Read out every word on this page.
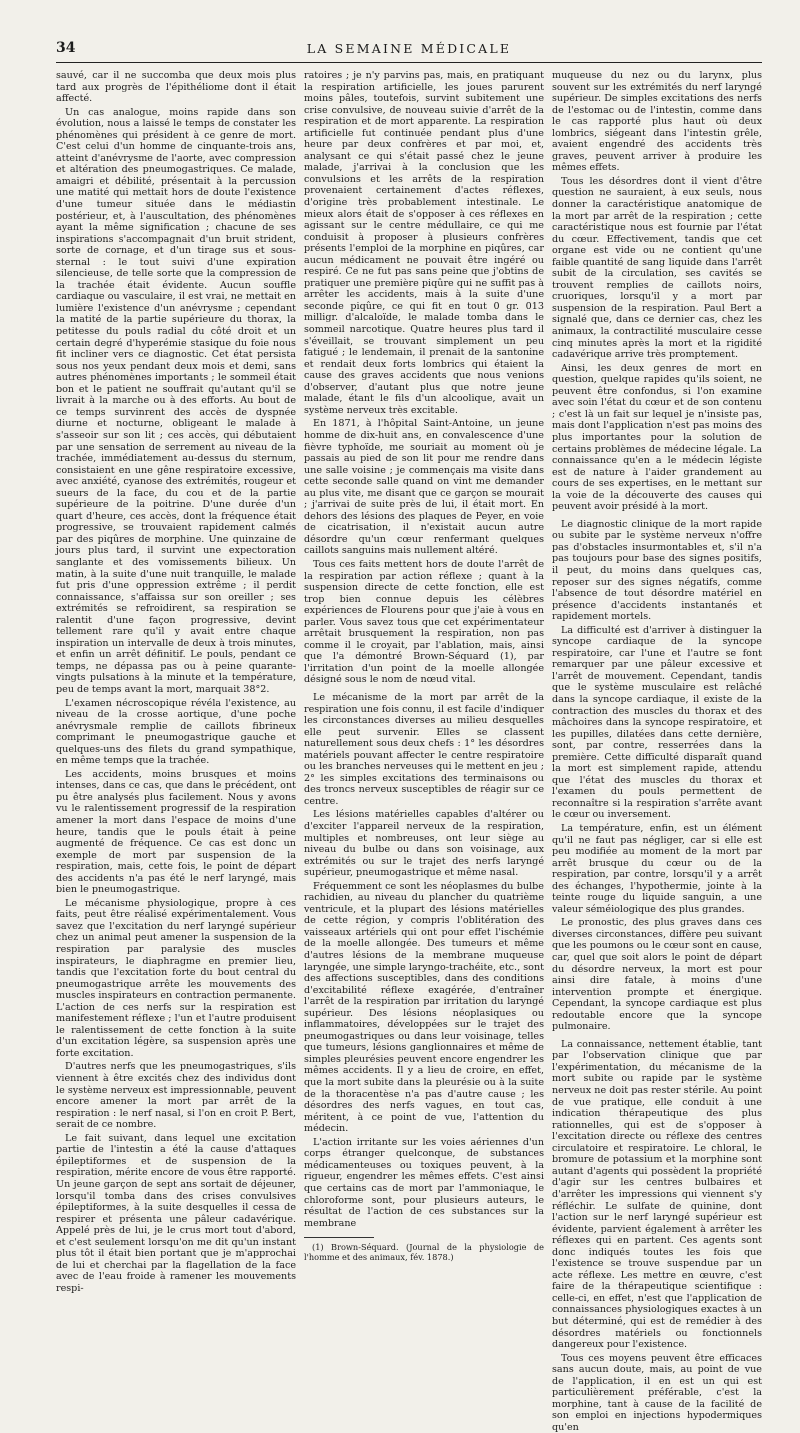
34	LA SEMAINE MÉDICALE

sauvé, car il ne succomba que deux mois plus tard aux progrès de l'épithéliome dont il était affecté.

Un cas analogue, moins rapide dans son évolution, nous a laissé le temps de constater les phénomènes qui président à ce genre de mort. C'est celui d'un homme de cinquante-trois ans, atteint d'anévrysme de l'aorte, avec compression et altération des pneumogastriques. Ce malade, amaigri et débilité, présentait à la percussion une matité qui mettait hors de doute l'existence d'une tumeur située dans le médiastin postérieur, et, à l'auscultation, des phénomènes ayant la même signification ; chacune de ses inspirations s'accompagnait d'un bruit strident, sorte de cornage, et d'un tirage sus et sous-sternal : le tout suivi d'une expiration silencieuse, de telle sorte que la compression de la trachée était évidente. Aucun souffle cardiaque ou vasculaire, il est vrai, ne mettait en lumière l'existence d'un anévrysme ; cependant la matité de la partie supérieure du thorax, la petitesse du pouls radial du côté droit et un certain degré d'hyperémie stasique du foie nous fit incliner vers ce diagnostic. Cet état persista sous nos yeux pendant deux mois et demi, sans autres phénomènes importants ; le sommeil était bon et le patient ne souffrait qu'autant qu'il se livrait à la marche ou à des efforts. Au bout de ce temps survinrent des accès de dyspnée diurne et nocturne, obligeant le malade à s'asseoir sur son lit ; ces accès, qui débutaient par une sensation de serrement au niveau de la trachée, immédiatement au-dessus du sternum, consistaient en une gêne respiratoire excessive, avec anxiété, cyanose des extrémités, rougeur et sueurs de la face, du cou et de la partie supérieure de la poitrine. D'une durée d'un quart d'heure, ces accès, dont la fréquence était progressive, se trouvaient rapidement calmés par des piqûres de morphine. Une quinzaine de jours plus tard, il survint une expectoration sanglante et des vomissements bilieux. Un matin, à la suite d'une nuit tranquille, le malade fut pris d'une oppression extrême ; il perdit connaissance, s'affaissa sur son oreiller ; ses extrémités se refroidirent, sa respiration se ralentit d'une façon progressive, devint tellement rare qu'il y avait entre chaque inspiration un intervalle de deux à trois minutes, et enfin un arrêt définitif. Le pouls, pendant ce temps, ne dépassa pas ou à peine quarante-vingts pulsations à la minute et la température, peu de temps avant la mort, marquait 38°2.

L'examen nécroscopique révéla l'existence, au niveau de la crosse aortique, d'une poche anévrysmale remplie de caillots fibrineux comprimant le pneumogastrique gauche et quelques-uns des filets du grand sympathique, en même temps que la trachée.

Les accidents, moins brusques et moins intenses, dans ce cas, que dans le précédent, ont pu être analysés plus facilement. Nous y avons vu le ralentissement progressif de la respiration amener la mort dans l'espace de moins d'une heure, tandis que le pouls était à peine augmenté de fréquence. Ce cas est donc un exemple de mort par suspension de la respiration, mais, cette fois, le point de départ des accidents n'a pas été le nerf laryngé, mais bien le pneumogastrique.

Le mécanisme physiologique, propre à ces faits, peut être réalisé expérimentalement. Vous savez que l'excitation du nerf laryngé supérieur chez un animal peut amener la suspension de la respiration par paralysie des muscles inspirateurs, le diaphragme en premier lieu, tandis que l'excitation forte du bout central du pneumogastrique arrête les mouvements des muscles inspirateurs en contraction permanente. L'action de ces nerfs sur la respiration est manifestement réflexe ; l'un et l'autre produisent le ralentissement de cette fonction à la suite d'un excitation légère, sa suspension après une forte excitation.

D'autres nerfs que les pneumogastriques, s'ils viennent à être excités chez des individus dont le système nerveux est impressionnable, peuvent encore amener la mort par arrêt de la respiration : le nerf nasal, si l'on en croit P. Bert, serait de ce nombre.

Le fait suivant, dans lequel une excitation partie de l'intestin a été la cause d'attaques épileptiformes et de suspension de la respiration, mérite encore de vous être rapporté. Un jeune garçon de sept ans sortait de déjeuner, lorsqu'il tomba dans des crises convulsives épileptiformes, à la suite desquelles il cessa de respirer et présenta une pâleur cadavérique. Appelé près de lui, je le crus mort tout d'abord, et c'est seulement lorsqu'on me dit qu'un instant plus tôt il était bien portant que je m'approchai de lui et cherchai par la flagellation de la face avec de l'eau froide à ramener les mouvements respi-

ratoires ; je n'y parvins pas, mais, en pratiquant la respiration artificielle, les joues parurent moins pâles, toutefois, survint subitement une crise convulsive, de nouveau suivie d'arrêt de la respiration et de mort apparente. La respiration artificielle fut continuée pendant plus d'une heure par deux confrères et par moi, et, analysant ce qui s'était passé chez le jeune malade, j'arrivai à la conclusion que les convulsions et les arrêts de la respiration provenaient certainement d'actes réflexes, d'origine très probablement intestinale. Le mieux alors était de s'opposer à ces réflexes en agissant sur le centre médullaire, ce qui me conduisit à proposer à plusieurs confrères présents l'emploi de la morphine en piqûres, car aucun médicament ne pouvait être ingéré ou respiré. Ce ne fut pas sans peine que j'obtins de pratiquer une première piqûre qui ne suffit pas à arrêter les accidents, mais à la suite d'une seconde piqûre, ce qui fit en tout 0 gr. 013 milligr. d'alcaloïde, le malade tomba dans le sommeil narcotique. Quatre heures plus tard il s'éveillait, se trouvant simplement un peu fatigué ; le lendemain, il prenait de la santonine et rendait deux forts lombrics qui étaient la cause des graves accidents que nous venions d'observer, d'autant plus que notre jeune malade, étant le fils d'un alcoolique, avait un système nerveux très excitable.

En 1871, à l'hôpital Saint-Antoine, un jeune homme de dix-huit ans, en convalescence d'une fièvre typhoïde, me souriait au moment où je passais au pied de son lit pour me rendre dans une salle voisine ; je commençais ma visite dans cette seconde salle quand on vint me demander au plus vite, me disant que ce garçon se mourait ; j'arrivai de suite près de lui, il était mort. En dehors des lésions des plaques de Peyer, en voie de cicatrisation, il n'existait aucun autre désordre qu'un cœur renfermant quelques caillots sanguins mais nullement altéré.

Tous ces faits mettent hors de doute l'arrêt de la respiration par action réflexe ; quant à la suspension directe de cette fonction, elle est trop bien connue depuis les célèbres expériences de Flourens pour que j'aie à vous en parler. Vous savez tous que cet expérimentateur arrêtait brusquement la respiration, non pas comme il le croyait, par l'ablation, mais, ainsi que l'a démontré Brown-Séquard (1), par l'irritation d'un point de la moelle allongée désigné sous le nom de nœud vital.

Le mécanisme de la mort par arrêt de la respiration une fois connu, il est facile d'indiquer les circonstances diverses au milieu desquelles elle peut survenir. Elles se classent naturellement sous deux chefs : 1° les désordres matériels pouvant affecter le centre respiratoire ou les branches nerveuses qui le mettent en jeu ; 2° les simples excitations des terminaisons ou des troncs nerveux susceptibles de réagir sur ce centre.

Les lésions matérielles capables d'altérer ou d'exciter l'appareil nerveux de la respiration, multiples et nombreuses, ont leur siège au niveau du bulbe ou dans son voisinage, aux extrémités ou sur le trajet des nerfs laryngé supérieur, pneumogastrique et même nasal.

Fréquemment ce sont les néoplasmes du bulbe rachidien, au niveau du plancher du quatrième ventricule, et la plupart des lésions matérielles de cette région, y compris l'oblitération des vaisseaux artériels qui ont pour effet l'ischémie de la moelle allongée. Des tumeurs et même d'autres lésions de la membrane muqueuse laryngée, une simple laryngo-trachéite, etc., sont des affections susceptibles, dans des conditions d'excitabilité réflexe exagérée, d'entraîner l'arrêt de la respiration par irritation du laryngé supérieur. Des lésions néoplasiques ou inflammatoires, développées sur le trajet des pneumogastriques ou dans leur voisinage, telles que tumeurs, lésions ganglionnaires et même de simples pleurésies peuvent encore engendrer les mêmes accidents. Il y a lieu de croire, en effet, que la mort subite dans la pleurésie ou à la suite de la thoracentèse n'a pas d'autre cause ; les désordres des nerfs vagues, en tout cas, méritent, à ce point de vue, l'attention du médecin.

L'action irritante sur les voies aériennes d'un corps étranger quelconque, de substances médicamenteuses ou toxiques peuvent, à la rigueur, engendrer les mêmes effets. C'est ainsi que certains cas de mort par l'ammoniaque, le chloroforme sont, pour plusieurs auteurs, le résultat de l'action de ces substances sur la membrane

(1) Brown-Séquard. (Journal de la physiologie de l'homme et des animaux, fév. 1878.)

muqueuse du nez ou du larynx, plus souvent sur les extrémités du nerf laryngé supérieur. De simples excitations des nerfs de l'estomac ou de l'intestin, comme dans le cas rapporté plus haut où deux lombrics, siégeant dans l'intestin grêle, avaient engendré des accidents très graves, peuvent arriver à produire les mêmes effets.

Tous les désordres dont il vient d'être question ne sauraient, à eux seuls, nous donner la caractéristique anatomique de la mort par arrêt de la respiration ; cette caractéristique nous est fournie par l'état du cœur. Effectivement, tandis que cet organe est vide ou ne contient qu'une faible quantité de sang liquide dans l'arrêt subit de la circulation, ses cavités se trouvent remplies de caillots noirs, cruoriques, lorsqu'il y a mort par suspension de la respiration. Paul Bert a signalé que, dans ce dernier cas, chez les animaux, la contractilité musculaire cesse cinq minutes après la mort et la rigidité cadavérique arrive très promptement.

Ainsi, les deux genres de mort en question, quelque rapides qu'ils soient, ne peuvent être confondus, si l'on examine avec soin l'état du cœur et de son contenu ; c'est là un fait sur lequel je n'insiste pas, mais dont l'application n'est pas moins des plus importantes pour la solution de certains problèmes de médecine légale. La connaissance qu'en a le médecin légiste est de nature à l'aider grandement au cours de ses expertises, en le mettant sur la voie de la découverte des causes qui peuvent avoir présidé à la mort.

Le diagnostic clinique de la mort rapide ou subite par le système nerveux n'offre pas d'obstacles insurmontables et, s'il n'a pas toujours pour base des signes positifs, il peut, du moins dans quelques cas, reposer sur des signes négatifs, comme l'absence de tout désordre matériel en présence d'accidents instantanés et rapidement mortels.

La difficulté est d'arriver à distinguer la syncope cardiaque de la syncope respiratoire, car l'une et l'autre se font remarquer par une pâleur excessive et l'arrêt de mouvement. Cependant, tandis que le système musculaire est relâché dans la syncope cardiaque, il existe de la contraction des muscles du thorax et des mâchoires dans la syncope respiratoire, et les pupilles, dilatées dans cette dernière, sont, par contre, resserrées dans la première. Cette difficulté disparaît quand la mort est simplement rapide, attendu que l'état des muscles du thorax et l'examen du pouls permettent de reconnaître si la respiration s'arrête avant le cœur ou inversement.

La température, enfin, est un élément qu'il ne faut pas négliger, car si elle est peu modifiée au moment de la mort par arrêt brusque du cœur ou de la respiration, par contre, lorsqu'il y a arrêt des échanges, l'hypothermie, jointe à la teinte rouge du liquide sanguin, a une valeur séméiologique des plus grandes.

Le pronostic, des plus graves dans ces diverses circonstances, diffère peu suivant que les poumons ou le cœur sont en cause, car, quel que soit alors le point de départ du désordre nerveux, la mort est pour ainsi dire fatale, à moins d'une intervention prompte et énergique. Cependant, la syncope cardiaque est plus redoutable encore que la syncope pulmonaire.

La connaissance, nettement établie, tant par l'observation clinique que par l'expérimentation, du mécanisme de la mort subite ou rapide par le système nerveux ne doit pas rester stérile. Au point de vue pratique, elle conduit à une indication thérapeutique des plus rationnelles, qui est de s'opposer à l'excitation directe ou réflexe des centres circulatoire et respiratoire. Le chloral, le bromure de potassium et la morphine sont autant d'agents qui possèdent la propriété d'agir sur les centres bulbaires et d'arrêter les impressions qui viennent s'y réfléchir. Le sulfate de quinine, dont l'action sur le nerf laryngé supérieur est évidente, parvient également à arrêter les réflexes qui en partent. Ces agents sont donc indiqués toutes les fois que l'existence se trouve suspendue par un acte réflexe. Les mettre en œuvre, c'est faire de la thérapeutique scientifique : celle-ci, en effet, n'est que l'application de connaissances physiologiques exactes à un but déterminé, qui est de remédier à des désordres matériels ou fonctionnels dangereux pour l'existence.

Tous ces moyens peuvent être efficaces sans aucun doute, mais, au point de vue de l'application, il en est un qui est particulièrement préférable, c'est la morphine, tant à cause de la facilité de son emploi en injections hypodermiques qu'en
